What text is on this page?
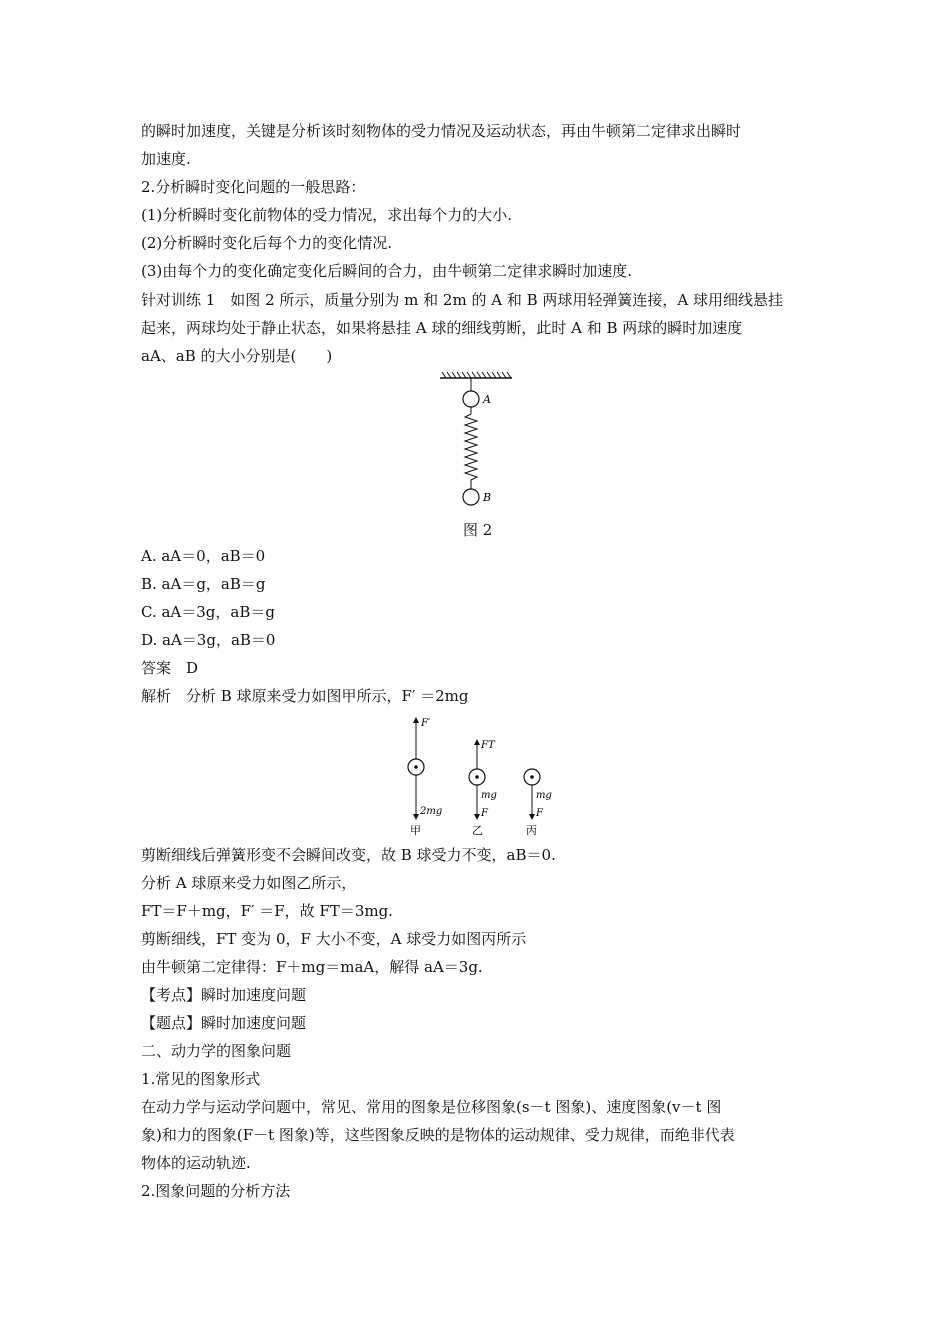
的瞬时加速度，关键是分析该时刻物体的受力情况及运动状态，再由牛顿第二定律求出瞬时
加速度.
2.分析瞬时变化问题的一般思路：
(1)分析瞬时变化前物体的受力情况，求出每个力的大小.
(2)分析瞬时变化后每个力的变化情况.
(3)由每个力的变化确定变化后瞬间的合力，由牛顿第二定律求瞬时加速度.
针对训练 1　如图 2 所示，质量分别为 m 和 2m 的 A 和 B 两球用轻弹簧连接，A 球用细线悬挂
起来，两球均处于静止状态，如果将悬挂 A 球的细线剪断，此时 A 和 B 两球的瞬时加速度
aA、aB 的大小分别是(　　)
A
B
图 2
A. aA＝0，aB＝0
B. aA＝g，aB＝g
C. aA＝3g，aB＝g
D. aA＝3g，aB＝0
答案　D
解析　分析 B 球原来受力如图甲所示，F′ ＝2mg
F′
2mg
甲
FT
mg
F
乙
mg
F
丙
剪断细线后弹簧形变不会瞬间改变，故 B 球受力不变，aB＝0.
分析 A 球原来受力如图乙所示，
FT＝F＋mg，F′ ＝F，故 FT＝3mg.
剪断细线，FT 变为 0，F 大小不变，A 球受力如图丙所示
由牛顿第二定律得：F＋mg＝maA，解得 aA＝3g.
【考点】瞬时加速度问题
【题点】瞬时加速度问题
二、动力学的图象问题
1.常见的图象形式
在动力学与运动学问题中，常见、常用的图象是位移图象(s－t 图象)、速度图象(v－t 图
象)和力的图象(F－t 图象)等，这些图象反映的是物体的运动规律、受力规律，而绝非代表
物体的运动轨迹.
2.图象问题的分析方法
